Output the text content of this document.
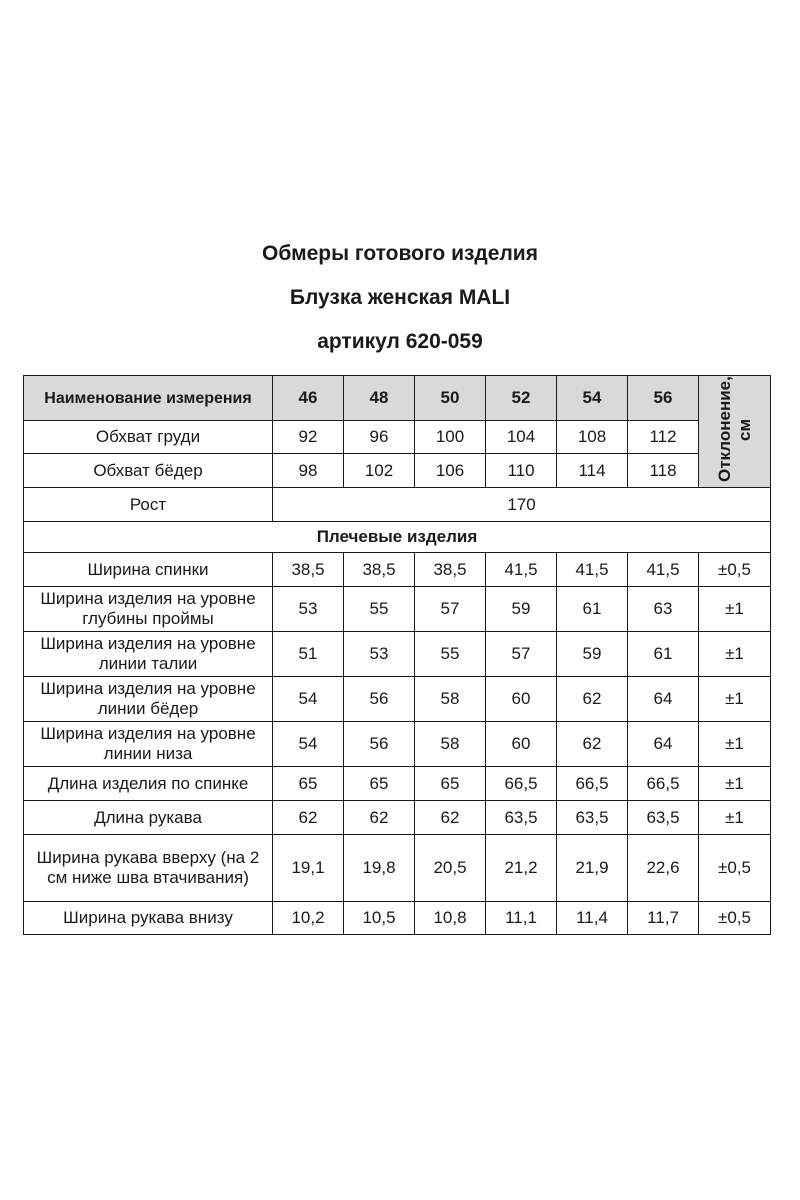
Обмеры готового изделия
Блузка женская MALI
артикул 620-059
Наименование измерения	46	48	50	52	54	56	Отклонение, см
Обхват груди	92	96	100	104	108	112	
Обхват бёдер	98	102	106	110	114	118	
Рост	170						
Плечевые изделия							
Ширина спинки	38,5	38,5	38,5	41,5	41,5	41,5	±0,5
Ширина изделия на уровне глубины проймы	53	55	57	59	61	63	±1
Ширина изделия на уровне линии талии	51	53	55	57	59	61	±1
Ширина изделия на уровне линии бёдер	54	56	58	60	62	64	±1
Ширина изделия на уровне линии низа	54	56	58	60	62	64	±1
Длина изделия по спинке	65	65	65	66,5	66,5	66,5	±1
Длина рукава	62	62	62	63,5	63,5	63,5	±1
Ширина рукава вверху (на 2 см ниже шва втачивания)	19,1	19,8	20,5	21,2	21,9	22,6	±0,5
Ширина рукава внизу	10,2	10,5	10,8	11,1	11,4	11,7	±0,5
